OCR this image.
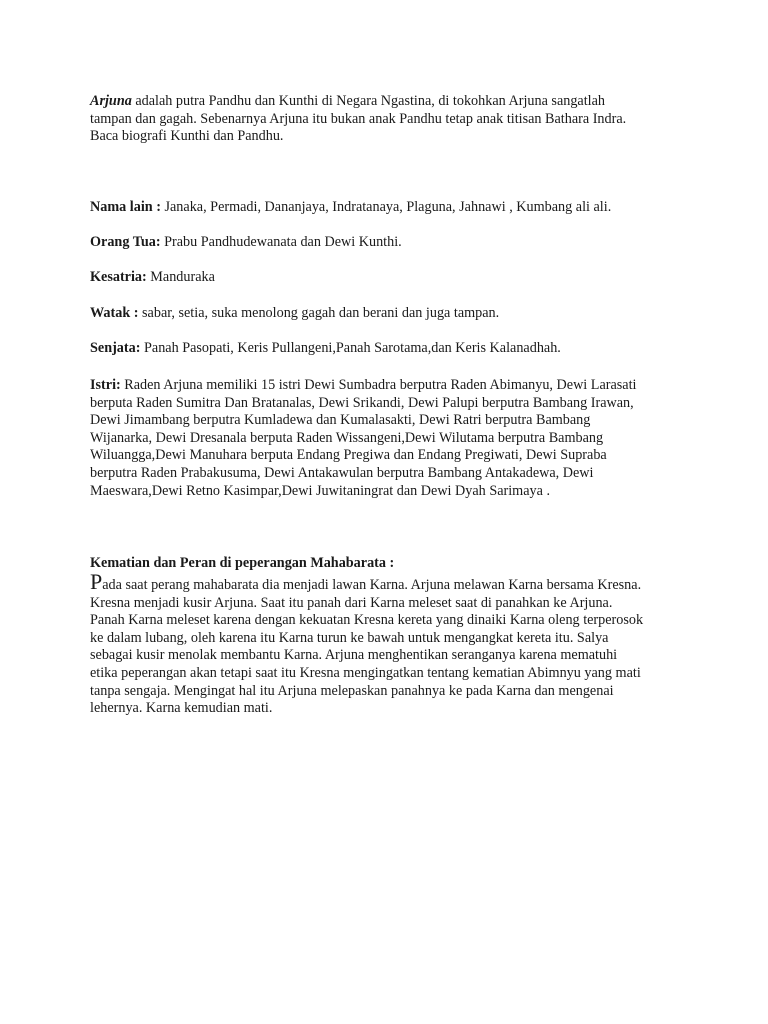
Arjuna adalah putra Pandhu dan Kunthi di Negara Ngastina, di tokohkan Arjuna sangatlah
tampan dan gagah. Sebenarnya Arjuna itu bukan anak Pandhu tetap anak titisan Bathara Indra.
Baca biografi Kunthi dan Pandhu.

Nama lain : Janaka, Permadi, Dananjaya, Indratanaya, Plaguna, Jahnawi , Kumbang ali ali.

Orang Tua: Prabu Pandhudewanata dan Dewi Kunthi.

Kesatria: Manduraka

Watak : sabar, setia, suka menolong gagah dan berani dan juga tampan.

Senjata: Panah Pasopati, Keris Pullangeni,Panah Sarotama,dan Keris Kalanadhah.

Istri: Raden Arjuna memiliki 15 istri Dewi Sumbadra berputra Raden Abimanyu, Dewi Larasati
berputa Raden Sumitra Dan Bratanalas, Dewi Srikandi, Dewi Palupi berputra Bambang Irawan,
Dewi Jimambang berputra Kumladewa dan Kumalasakti, Dewi Ratri berputra Bambang
Wijanarka, Dewi Dresanala berputa Raden Wissangeni,Dewi Wilutama berputra Bambang
Wiluangga,Dewi Manuhara berputa Endang Pregiwa dan Endang Pregiwati, Dewi Supraba
berputra Raden Prabakusuma, Dewi Antakawulan berputra Bambang Antakadewa, Dewi
Maeswara,Dewi Retno Kasimpar,Dewi Juwitaningrat dan Dewi Dyah Sarimaya .

Kematian dan Peran di peperangan Mahabarata :

Pada saat perang mahabarata dia menjadi lawan Karna. Arjuna melawan Karna bersama Kresna.
Kresna menjadi kusir Arjuna. Saat itu panah dari Karna meleset saat di panahkan ke Arjuna.
Panah Karna meleset karena dengan kekuatan Kresna kereta yang dinaiki Karna oleng terperosok
ke dalam lubang, oleh karena itu Karna turun ke bawah untuk mengangkat kereta itu. Salya
sebagai kusir menolak membantu Karna. Arjuna menghentikan seranganya karena mematuhi
etika peperangan akan tetapi saat itu Kresna mengingatkan tentang kematian Abimnyu yang mati
tanpa sengaja. Mengingat hal itu Arjuna melepaskan panahnya ke pada Karna dan mengenai
lehernya. Karna kemudian mati.
